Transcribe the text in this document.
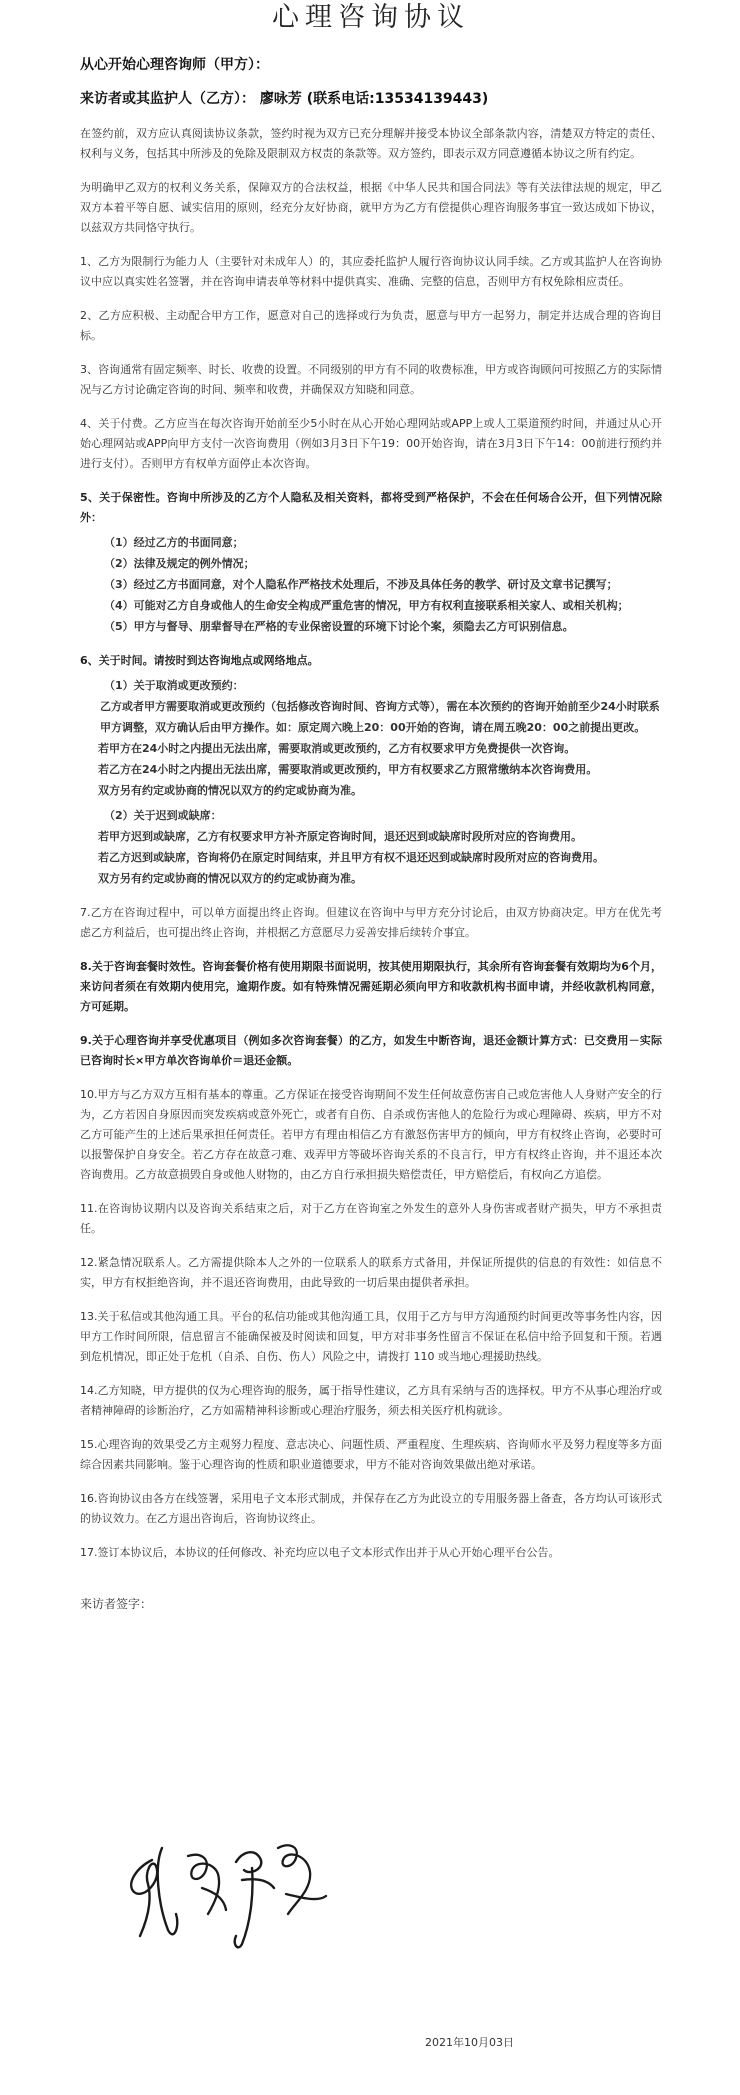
心理咨询协议

从心开始心理咨询师（甲方）：

来访者或其监护人（乙方）： 廖咏芳 (联系电话:13534139443)

在签约前，双方应认真阅读协议条款，签约时视为双方已充分理解并接受本协议全部条款内容，清楚双方特定的责任、权利与义务，包括其中所涉及的免除及限制双方权责的条款等。双方签约，即表示双方同意遵循本协议之所有约定。

为明确甲乙双方的权利义务关系，保障双方的合法权益，根据《中华人民共和国合同法》等有关法律法规的规定，甲乙双方本着平等自愿、诚实信用的原则，经充分友好协商，就甲方为乙方有偿提供心理咨询服务事宜一致达成如下协议，以兹双方共同恪守执行。

1、乙方为限制行为能力人（主要针对未成年人）的，其应委托监护人履行咨询协议认同手续。乙方或其监护人在咨询协议中应以真实姓名签署，并在咨询申请表单等材料中提供真实、准确、完整的信息，否则甲方有权免除相应责任。

2、乙方应积极、主动配合甲方工作，愿意对自己的选择或行为负责，愿意与甲方一起努力，制定并达成合理的咨询目标。

3、咨询通常有固定频率、时长、收费的设置。不同级别的甲方有不同的收费标准，甲方或咨询顾问可按照乙方的实际情况与乙方讨论确定咨询的时间、频率和收费，并确保双方知晓和同意。

4、关于付费。乙方应当在每次咨询开始前至少5小时在从心开始心理网站或APP上或人工渠道预约时间，并通过从心开始心理网站或APP向甲方支付一次咨询费用（例如3月3日下午19：00开始咨询，请在3月3日下午14：00前进行预约并进行支付）。否则甲方有权单方面停止本次咨询。

5、关于保密性。咨询中所涉及的乙方个人隐私及相关资料，都将受到严格保护，不会在任何场合公开，但下列情况除外：

（1）经过乙方的书面同意；

（2）法律及规定的例外情况；

（3）经过乙方书面同意，对个人隐私作严格技术处理后，不涉及具体任务的教学、研讨及文章书记撰写；

（4）可能对乙方自身或他人的生命安全构成严重危害的情况，甲方有权利直接联系相关家人、或相关机构；

（5）甲方与督导、朋辈督导在严格的专业保密设置的环境下讨论个案，须隐去乙方可识别信息。

6、关于时间。请按时到达咨询地点或网络地点。

（1）关于取消或更改预约：

乙方或者甲方需要取消或更改预约（包括修改咨询时间、咨询方式等），需在本次预约的咨询开始前至少24小时联系甲方调整，双方确认后由甲方操作。如：原定周六晚上20：00开始的咨询，请在周五晚20：00之前提出更改。

若甲方在24小时之内提出无法出席，需要取消或更改预约，乙方有权要求甲方免费提供一次咨询。

若乙方在24小时之内提出无法出席，需要取消或更改预约，甲方有权要求乙方照常缴纳本次咨询费用。

双方另有约定或协商的情况以双方的约定或协商为准。

（2）关于迟到或缺席：

若甲方迟到或缺席，乙方有权要求甲方补齐原定咨询时间，退还迟到或缺席时段所对应的咨询费用。

若乙方迟到或缺席，咨询将仍在原定时间结束，并且甲方有权不退还迟到或缺席时段所对应的咨询费用。

双方另有约定或协商的情况以双方的约定或协商为准。

7.乙方在咨询过程中，可以单方面提出终止咨询。但建议在咨询中与甲方充分讨论后，由双方协商决定。甲方在优先考虑乙方利益后，也可提出终止咨询，并根据乙方意愿尽力妥善安排后续转介事宜。

8.关于咨询套餐时效性。咨询套餐价格有使用期限书面说明，按其使用期限执行，其余所有咨询套餐有效期均为6个月，来访问者须在有效期内使用完，逾期作废。如有特殊情况需延期必须向甲方和收款机构书面申请，并经收款机构同意，方可延期。

9.关于心理咨询并享受优惠项目（例如多次咨询套餐）的乙方，如发生中断咨询，退还金额计算方式：已交费用－实际已咨询时长×甲方单次咨询单价＝退还金额。

10.甲方与乙方双方互相有基本的尊重。乙方保证在接受咨询期间不发生任何故意伤害自己或危害他人人身财产安全的行为，乙方若因自身原因而突发疾病或意外死亡，或者有自伤、自杀或伤害他人的危险行为或心理障碍、疾病，甲方不对乙方可能产生的上述后果承担任何责任。若甲方有理由相信乙方有激怒伤害甲方的倾向，甲方有权终止咨询，必要时可以报警保护自身安全。若乙方存在故意刁难、戏弄甲方等破坏咨询关系的不良言行，甲方有权终止咨询，并不退还本次咨询费用。乙方故意损毁自身或他人财物的，由乙方自行承担损失赔偿责任，甲方赔偿后，有权向乙方追偿。

11.在咨询协议期内以及咨询关系结束之后，对于乙方在咨询室之外发生的意外人身伤害或者财产损失，甲方不承担责任。

12.紧急情况联系人。乙方需提供除本人之外的一位联系人的联系方式备用，并保证所提供的信息的有效性：如信息不实，甲方有权拒绝咨询，并不退还咨询费用，由此导致的一切后果由提供者承担。

13.关于私信或其他沟通工具。平台的私信功能或其他沟通工具，仅用于乙方与甲方沟通预约时间更改等事务性内容，因甲方工作时间所限，信息留言不能确保被及时阅读和回复，甲方对非事务性留言不保证在私信中给予回复和干预。若遇到危机情况，即正处于危机（自杀、自伤、伤人）风险之中，请拨打 110 或当地心理援助热线。

14.乙方知晓，甲方提供的仅为心理咨询的服务，属于指导性建议，乙方具有采纳与否的选择权。甲方不从事心理治疗或者精神障碍的诊断治疗，乙方如需精神科诊断或心理治疗服务，须去相关医疗机构就诊。

15.心理咨询的效果受乙方主观努力程度、意志决心、问题性质、严重程度、生理疾病、咨询师水平及努力程度等多方面综合因素共同影响。鉴于心理咨询的性质和职业道德要求，甲方不能对咨询效果做出绝对承诺。

16.咨询协议由各方在线签署，采用电子文本形式制成，并保存在乙方为此设立的专用服务器上备查，各方均认可该形式的协议效力。在乙方退出咨询后，咨询协议终止。

17.签订本协议后，本协议的任何修改、补充均应以电子文本形式作出并于从心开始心理平台公告。

来访者签字：
2021年10月03日
